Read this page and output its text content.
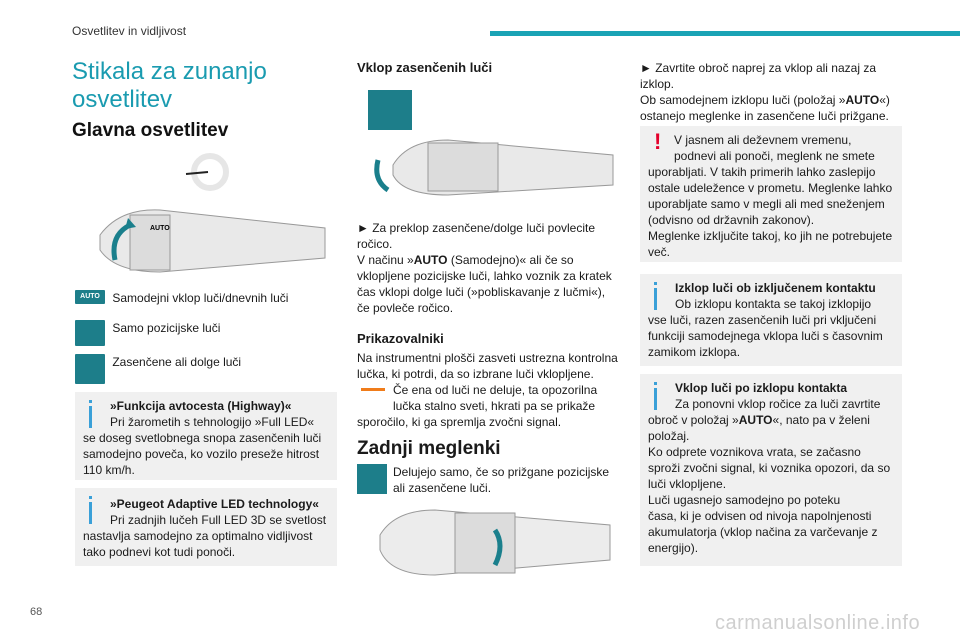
Osvetlitev in vidljivost
Stikala za zunanjo
osvetlitev
Glavna osvetlitev
AUTO
AUTO Samodejni vklop luči/dnevnih luči
Samo pozicijske luči
Zasenčene ali dolge luči
»Funkcija avtocesta (Highway)«
Pri žarometih s tehnologijo »Full LED«
se doseg svetlobnega snopa zasenčenih luči
samodejno poveča, ko vozilo preseže hitrost
110 km/h.
»Peugeot Adaptive LED technology«
Pri zadnjih lučeh Full LED 3D se svetlost
nastavlja samodejno za optimalno vidljivost
tako podnevi kot tudi ponoči.
Vklop zasenčenih luči
► Za preklop zasenčene/dolge luči povlecite
ročico.
V načinu »AUTO (Samodejno)« ali če so
vklopljene pozicijske luči, lahko voznik za kratek
čas vklopi dolge luči (»pobliskavanje z lučmi«),
če povleče ročico.
Prikazovalniki
Na instrumentni plošči zasveti ustrezna kontrolna
lučka, ki potrdi, da so izbrane luči vklopljene.
Če ena od luči ne deluje, ta opozorilna
lučka stalno sveti, hkrati pa se prikaže
sporočilo, ki ga spremlja zvočni signal.
Zadnji meglenki
Delujejo samo, če so prižgane pozicijske
ali zasenčene luči.
► Zavrtite obroč naprej za vklop ali nazaj za
izklop.
Ob samodejnem izklopu luči (položaj »AUTO«)
ostanejo meglenke in zasenčene luči prižgane.
! V jasnem ali deževnem vremenu,
podnevi ali ponoči, meglenk ne smete
uporabljati. V takih primerih lahko zaslepijo
ostale udeležence v prometu. Meglenke lahko
uporabljate samo v megli ali med sneženjem
(odvisno od državnih zakonov).
Meglenke izključite takoj, ko jih ne potrebujete
več.
Izklop luči ob izključenem kontaktu
Ob izklopu kontakta se takoj izklopijo
vse luči, razen zasenčenih luči pri vključeni
funkciji samodejnega vklopa luči s časovnim
zamikom izklopa.
Vklop luči po izklopu kontakta
Za ponovni vklop ročice za luči zavrtite
obroč v položaj »AUTO«, nato pa v želeni
položaj.
Ko odprete voznikova vrata, se začasno
sproži zvočni signal, ki voznika opozori, da so
luči vklopljene.
Luči ugasnejo samodejno po poteku
časa, ki je odvisen od nivoja napolnjenosti
akumulatorja (vklop načina za varčevanje z
energijo).
68	carmanualsonline.info
